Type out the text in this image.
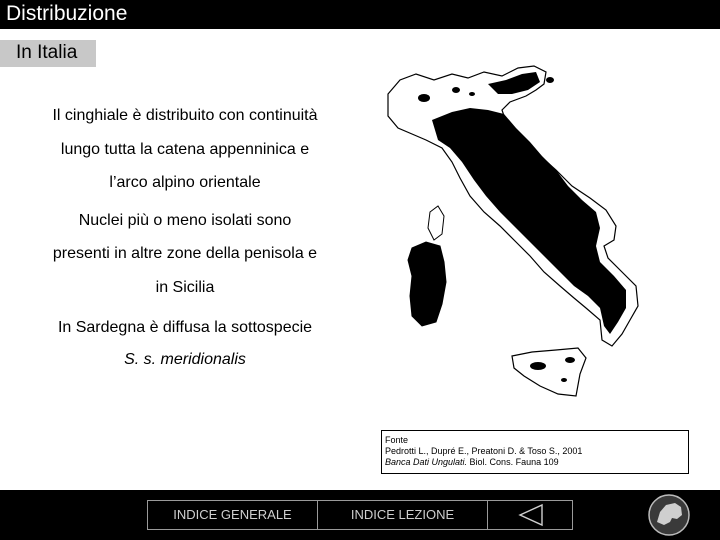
Distribuzione
In Italia

Il cinghiale è distribuito con continuità

lungo tutta la catena appenninica e

l’arco alpino orientale

Nuclei più o meno isolati sono

presenti in altre zone della penisola e

in Sicilia

In Sardegna è diffusa la sottospecie

S. s. meridionalis

Fonte
Pedrotti L., Dupré E., Preatoni D. & Toso S., 2001
Banca Dati Ungulati. Biol. Cons. Fauna 109
INDICE GENERALE	INDICE LEZIONE
